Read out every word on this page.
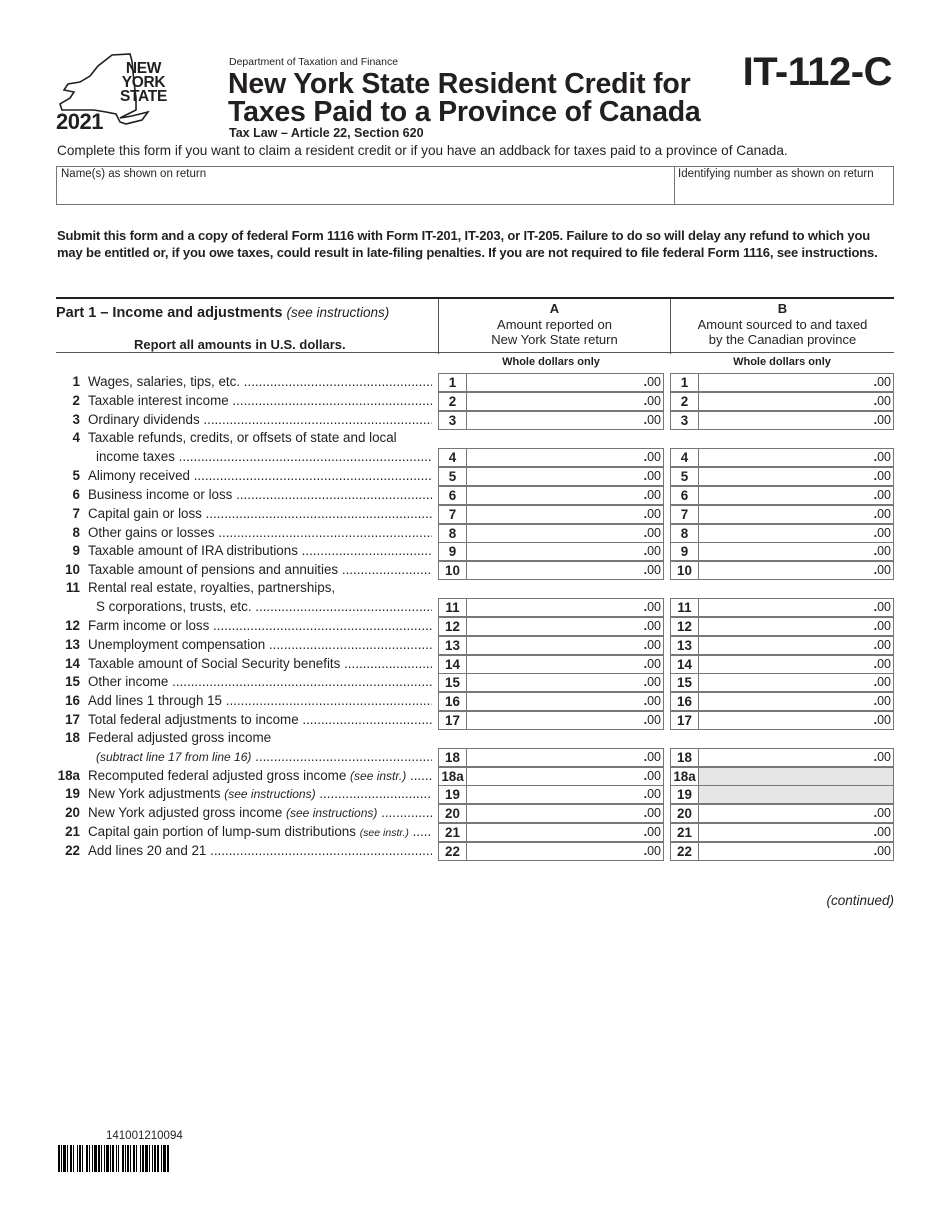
NEW
YORK
STATE
2021
Department of Taxation and Finance
New York State Resident Credit for
Taxes Paid to a Province of Canada
Tax Law – Article 22, Section 620
IT-112-C
Complete this form if you want to claim a resident credit or if you have an addback for taxes paid to a province of Canada.
Name(s) as shown on return	Identifying number as shown on return
Submit this form and a copy of federal Form 1116 with Form IT-201, IT-203, or IT-205. Failure to do so will delay any refund to which you may be entitled or, if you owe taxes, could result in late-filing penalties. If you are not required to file federal Form 1116, see instructions.
Part 1 – Income and adjustments (see instructions)
Report all amounts in U.S. dollars.
A
Amount reported on
New York State return
B
Amount sourced to and taxed
by the Canadian province
Whole dollars only	Whole dollars only
1 Wages, salaries, tips, etc. .....	1	.00	1	.00
2 Taxable interest income .....	2	.00	2	.00
3 Ordinary dividends .....	3	.00	3	.00
4 Taxable refunds, credits, or offsets of state and local
income taxes .....	4	.00	4	.00
5 Alimony received .....	5	.00	5	.00
6 Business income or loss .....	6	.00	6	.00
7 Capital gain or loss .....	7	.00	7	.00
8 Other gains or losses .....	8	.00	8	.00
9 Taxable amount of IRA distributions .....	9	.00	9	.00
10 Taxable amount of pensions and annuities .....	10	.00	10	.00
11 Rental real estate, royalties, partnerships,
S corporations, trusts, etc. .....	11	.00	11	.00
12 Farm income or loss .....	12	.00	12	.00
13 Unemployment compensation .....	13	.00	13	.00
14 Taxable amount of Social Security benefits .....	14	.00	14	.00
15 Other income .....	15	.00	15	.00
16 Add lines 1 through 15 .....	16	.00	16	.00
17 Total federal adjustments to income .....	17	.00	17	.00
18 Federal adjusted gross income
(subtract line 17 from line 16) .....	18	.00	18	.00
18a Recomputed federal adjusted gross income (see instr.) .....	18a	.00 18a
19 New York adjustments (see instructions) .....	19	.00	19
20 New York adjusted gross income (see instructions) .....	20	.00	20	.00
21 Capital gain portion of lump-sum distributions (see instr.) .....	21	.00	21	.00
22 Add lines 20 and 21 .....	22	.00	22	.00
(continued)
141001210094
